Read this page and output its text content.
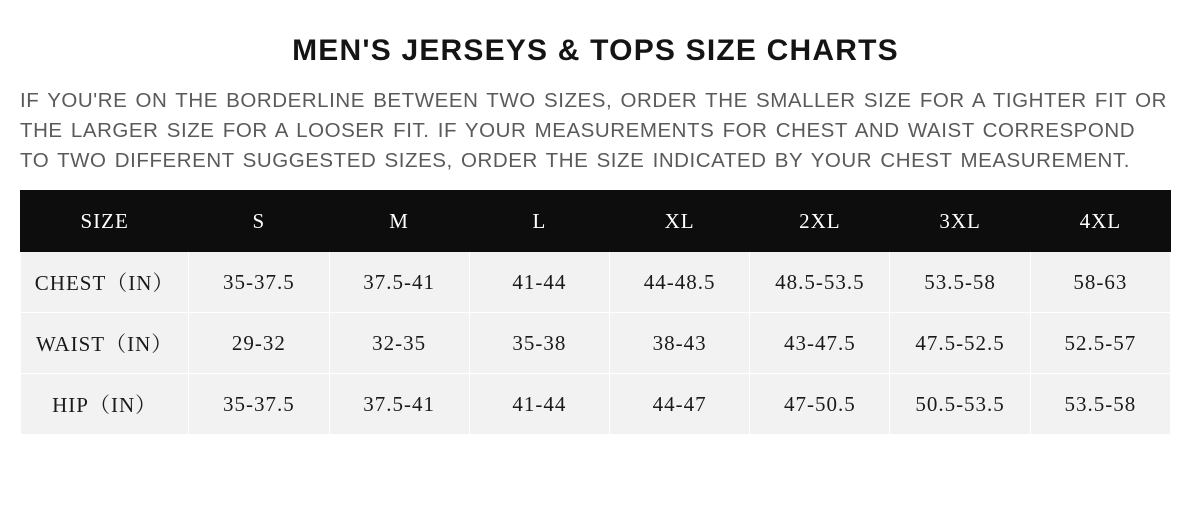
MEN'S JERSEYS & TOPS SIZE CHARTS

IF YOU'RE ON THE BORDERLINE BETWEEN TWO SIZES, ORDER THE SMALLER SIZE FOR A TIGHTER FIT OR THE LARGER SIZE FOR A LOOSER FIT. IF YOUR MEASUREMENTS FOR CHEST AND WAIST CORRESPOND TO TWO DIFFERENT SUGGESTED SIZES, ORDER THE SIZE INDICATED BY YOUR CHEST MEASUREMENT.

SIZE	S	M	L	XL	2XL	3XL	4XL
CHEST（IN）	35-37.5	37.5-41	41-44	44-48.5	48.5-53.5	53.5-58	58-63
WAIST（IN）	29-32	32-35	35-38	38-43	43-47.5	47.5-52.5	52.5-57
HIP（IN）	35-37.5	37.5-41	41-44	44-47	47-50.5	50.5-53.5	53.5-58
